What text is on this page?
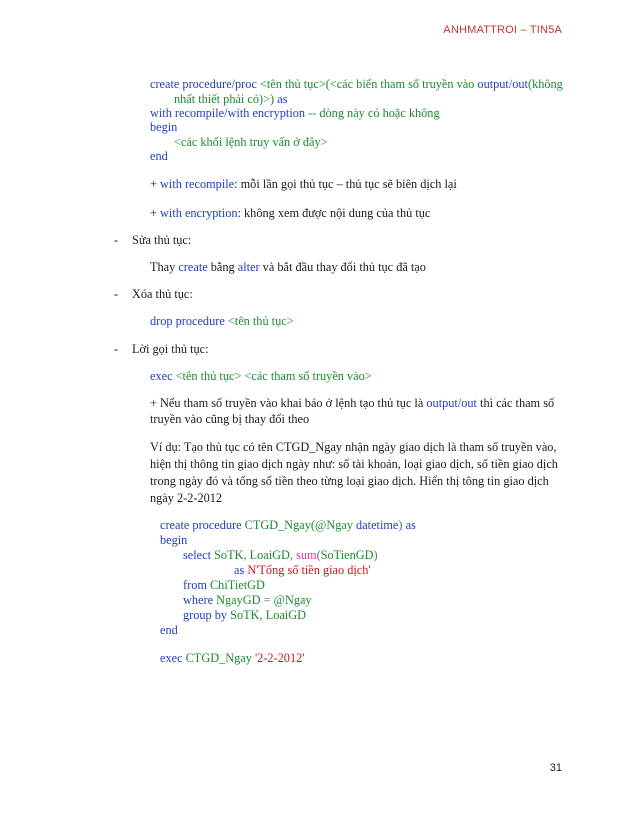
ANHMATTROI – TIN5A
create procedure/proc <tên thủ tục>(<các biến tham số truyền vào output/out(không
nhất thiết phải có)>) as
with recompile/with encryption -- dòng này có hoặc không
begin
<các khối lệnh truy vấn ở đây>
end
+ with recompile: mỗi lần gọi thủ tục – thủ tục sẽ biên dịch lại
+ with encryption: không xem được nội dung của thủ tục
-	Sửa thủ tục:
Thay create bằng alter và bắt đầu thay đổi thủ tục đã tạo
-	Xóa thủ tục:
drop procedure <tên thủ tục>
-	Lời gọi thủ tục:
exec <tên thủ tục> <các tham số truyền vào>
+ Nếu tham số truyền vào khai báo ở lệnh tạo thủ tục là output/out thì các tham số
truyền vào cũng bị thay đổi theo
Ví dụ: Tạo thủ tục có tên CTGD_Ngay nhận ngày giao dịch là tham số truyền vào,
hiện thị thông tin giao dịch ngày như: số tài khoản, loại giao dịch, số tiền giao dịch
trong ngày đó và tổng số tiền theo từng loại giao dịch. Hiển thị tông tin giao dịch
ngày 2-2-2012
create procedure CTGD_Ngay(@Ngay datetime) as
begin
select SoTK, LoaiGD, sum(SoTienGD)
as N'Tổng số tiền giao dịch'
from ChiTietGD
where NgayGD = @Ngay
group by SoTK, LoaiGD
end
exec CTGD_Ngay '2-2-2012'
31
